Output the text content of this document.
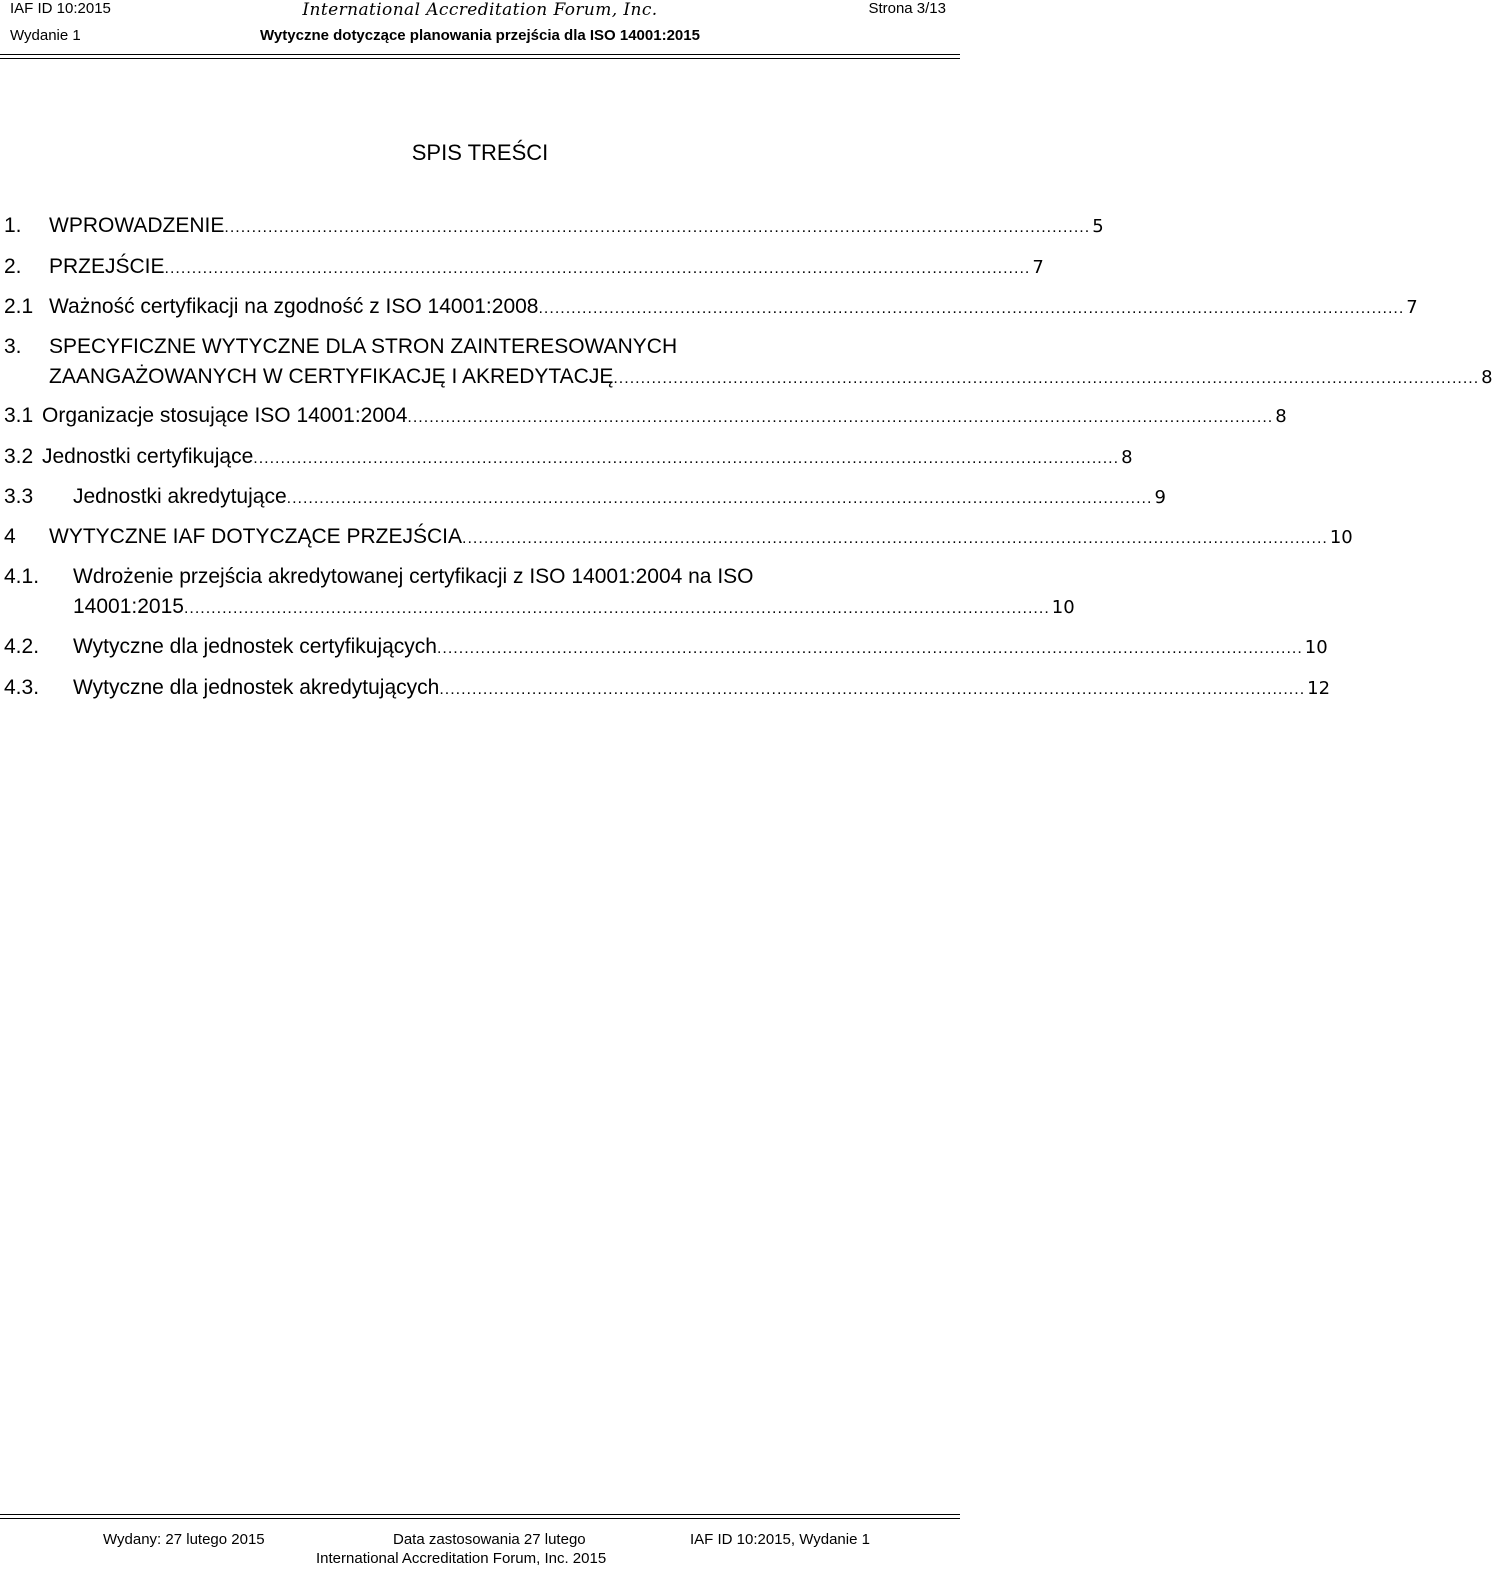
IAF ID 10:2015	International Accreditation Forum, Inc.	Strona 3/13
Wydanie 1	Wytyczne dotyczące planowania przejścia dla ISO 14001:2015
SPIS TREŚCI
1. WPROWADZENIE ............................................................................................................................................................... 5
2. PRZEJŚCIE ............................................................................................................................................................... 7
2.1 Ważność certyfikacji na zgodność z ISO 14001:2008 ............................................................................................................................................................... 7
3. SPECYFICZNE WYTYCZNE DLA STRON ZAINTERESOWANYCH
ZAANGAŻOWANYCH W CERTYFIKACJĘ I AKREDYTACJĘ ............................................................................................................................................................... 8
3.1 Organizacje stosujące ISO 14001:2004 ............................................................................................................................................................... 8
3.2 Jednostki certyfikujące ............................................................................................................................................................... 8
3.3 Jednostki akredytujące ............................................................................................................................................................... 9
4 WYTYCZNE IAF DOTYCZĄCE PRZEJŚCIA ............................................................................................................................................................... 10
4.1. Wdrożenie przejścia akredytowanej certyfikacji z ISO 14001:2004 na ISO
14001:2015 ............................................................................................................................................................... 10
4.2. Wytyczne dla jednostek certyfikujących ............................................................................................................................................................... 10
4.3. Wytyczne dla jednostek akredytujących ............................................................................................................................................................... 12
Wydany: 27 lutego 2015	Data zastosowania 27 lutego	IAF ID 10:2015, Wydanie 1
International Accreditation Forum, Inc. 2015
